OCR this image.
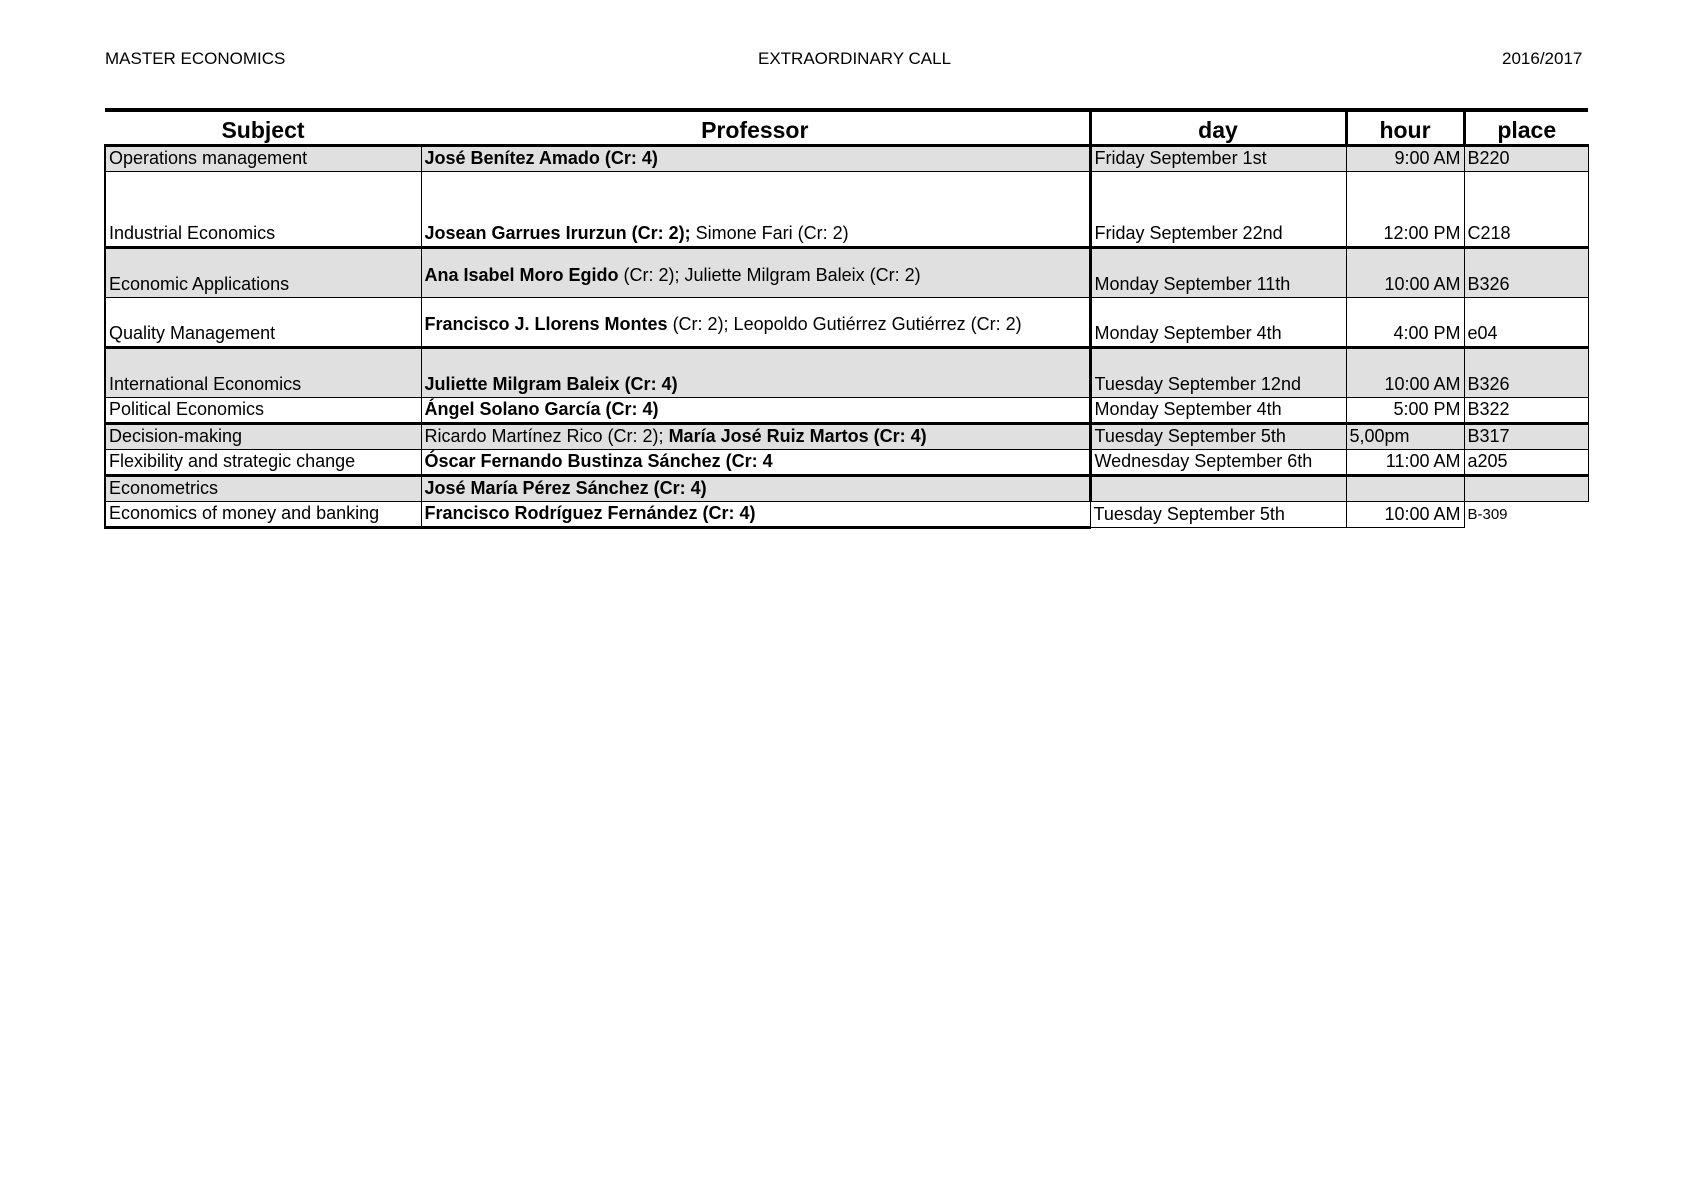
MASTER ECONOMICS	EXTRAORDINARY CALL	2016/2017
Subject	Professor	day	hour	place
Operations management	José Benítez Amado (Cr: 4)	Friday September 1st	9:00 AM	B220
Industrial Economics	Josean Garrues Irurzun (Cr: 2); Simone Fari (Cr: 2)	Friday September 22nd	12:00 PM	C218
Economic Applications	Ana Isabel Moro Egido (Cr: 2); Juliette Milgram Baleix (Cr: 2)	Monday September 11th	10:00 AM	B326
Quality Management	Francisco J. Llorens Montes (Cr: 2); Leopoldo Gutiérrez Gutiérrez (Cr: 2)	Monday September 4th	4:00 PM	e04
International Economics	Juliette Milgram Baleix (Cr: 4)	Tuesday September 12nd	10:00 AM	B326
Political Economics	Ángel Solano García (Cr: 4)	Monday September 4th	5:00 PM	B322
Decision-making	Ricardo Martínez Rico (Cr: 2); María José Ruiz Martos (Cr: 4)	Tuesday September 5th	5,00pm	B317
Flexibility and strategic change	Óscar Fernando Bustinza Sánchez (Cr: 4	Wednesday September 6th	11:00 AM	a205
Econometrics	José María Pérez Sánchez (Cr: 4)			
Economics of money and banking	Francisco Rodríguez Fernández (Cr: 4)	Tuesday September 5th	10:00 AM	B-309
